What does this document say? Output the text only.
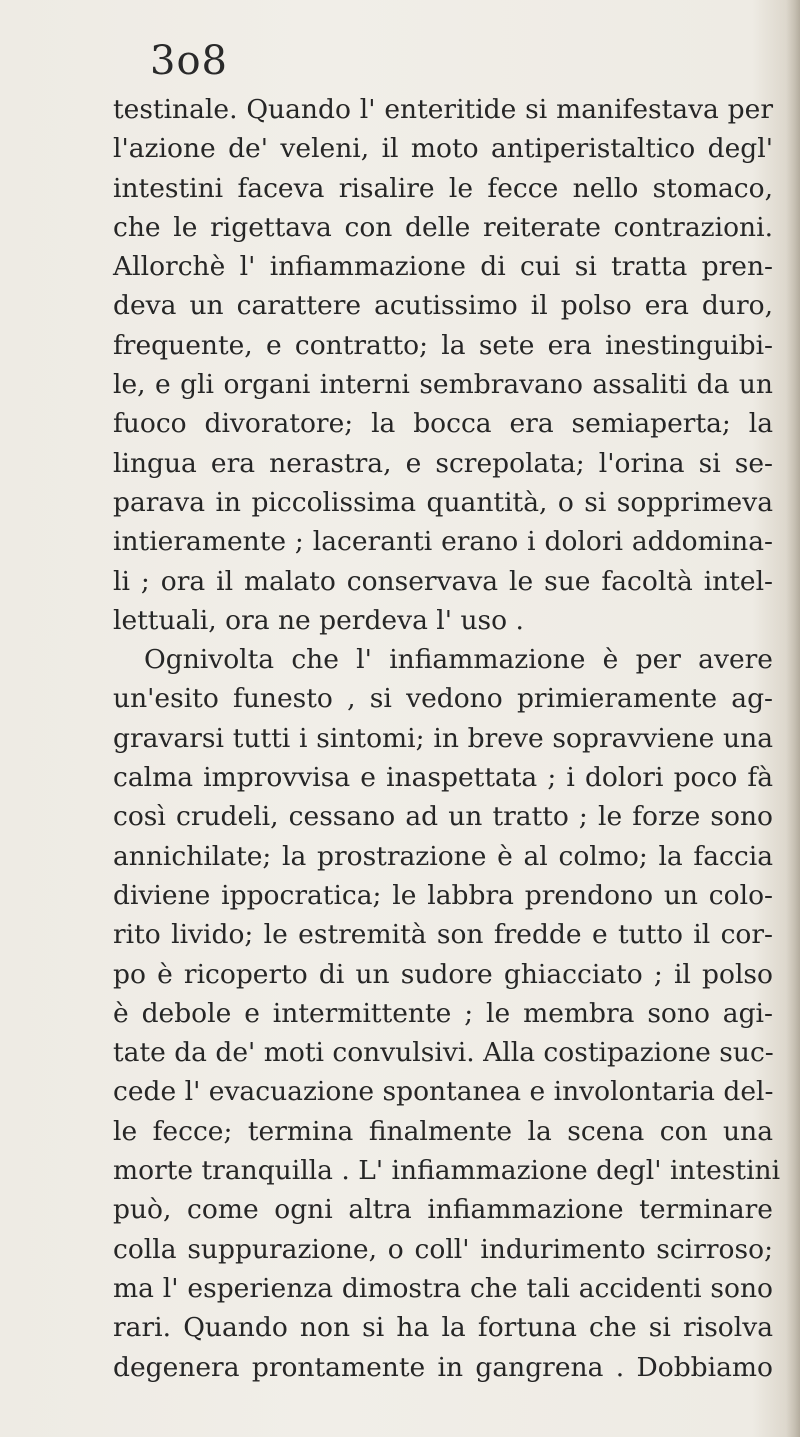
3o8
testinale. Quando l' enteritide si manifestava per
l'azione de' veleni, il moto antiperistaltico degl'
intestini faceva risalire le fecce nello stomaco,
che le rigettava con delle reiterate contrazioni.
Allorchè l' infiammazione di cui si tratta pren-
deva un carattere acutissimo il polso era duro,
frequente, e contratto; la sete era inestinguibi-
le, e gli organi interni sembravano assaliti da un
fuoco divoratore; la bocca era semiaperta; la
lingua era nerastra, e screpolata; l'orina si se-
parava in piccolissima quantità, o si sopprimeva
intieramente ; laceranti erano i dolori addomina-
li ; ora il malato conservava le sue facoltà intel-
lettuali, ora ne perdeva l' uso .
Ognivolta che l' infiammazione è per avere
un'esito funesto , si vedono primieramente ag-
gravarsi tutti i sintomi; in breve sopravviene una
calma improvvisa e inaspettata ; i dolori poco fà
così crudeli, cessano ad un tratto ; le forze sono
annichilate; la prostrazione è al colmo; la faccia
diviene ippocratica; le labbra prendono un colo-
rito livido; le estremità son fredde e tutto il cor-
po è ricoperto di un sudore ghiacciato ; il polso
è debole e intermittente ; le membra sono agi-
tate da de' moti convulsivi. Alla costipazione suc-
cede l' evacuazione spontanea e involontaria del-
le fecce; termina finalmente la scena con una
morte tranquilla . L' infiammazione degl' intestini
può, come ogni altra infiammazione terminare
colla suppurazione, o coll' indurimento scirroso;
ma l' esperienza dimostra che tali accidenti sono
rari. Quando non si ha la fortuna che si risolva
degenera prontamente in gangrena . Dobbiamo
